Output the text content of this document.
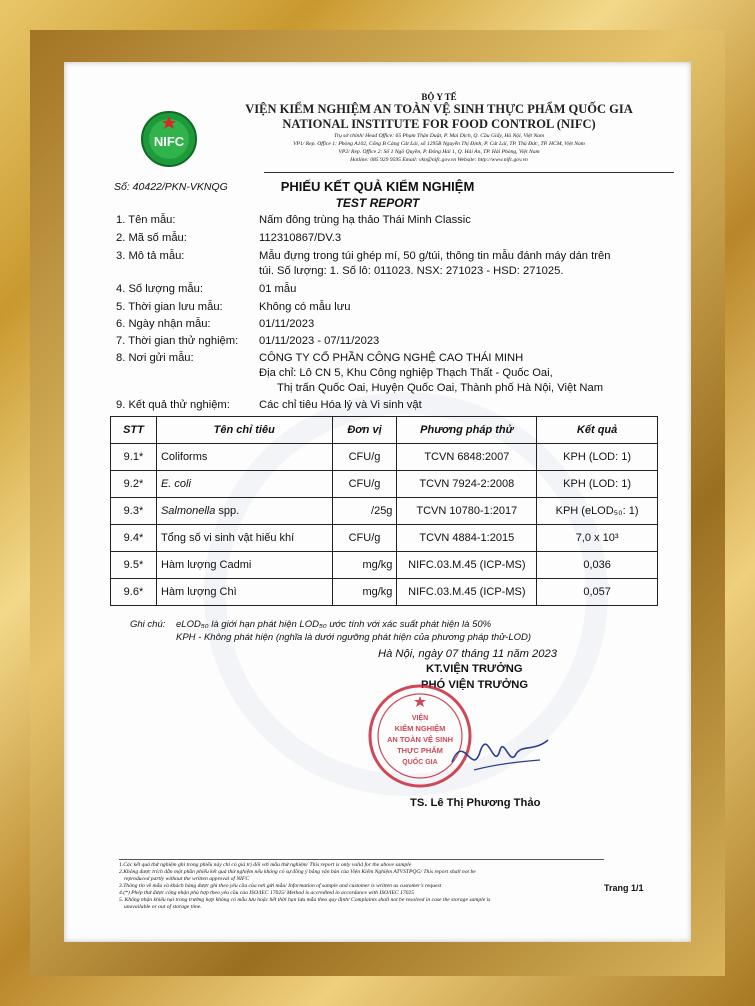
NIFC
BỘ Y TẾ
VIỆN KIỂM NGHIỆM AN TOÀN VỆ SINH THỰC PHẨM QUỐC GIA
NATIONAL INSTITUTE FOR FOOD CONTROL (NIFC)
Trụ sở chính/ Head Office: 65 Phạm Thận Duật, P. Mai Dịch, Q. Cầu Giấy, Hà Nội, Việt Nam
VP1/ Rep. Office 1: Phòng A102, Cổng B Cảng Cát Lái, số 1295B Nguyễn Thị Định, P. Cát Lái, TP. Thủ Đức, TP. HCM, Việt Nam
VP2/ Rep. Office 2: Số 1 Ngô Quyền, P. Đông Hải 1, Q. Hải An, TP. Hải Phòng, Việt Nam
Hotline: 085 929 9595 Email: vkn@nifc.gov.vn Website: http://www.nifc.gov.vn
Số: 40422/PKN-VKNQG	PHIẾU KẾT QUẢ KIỂM NGHIỆM
TEST REPORT
1. Tên mẫu:	Nấm đông trùng hạ thảo Thái Minh Classic
2. Mã số mẫu:	112310867/DV.3
3. Mô tả mẫu:	Mẫu đựng trong túi ghép mí, 50 g/túi, thông tin mẫu đánh máy dán trên
túi. Số lượng: 1. Số lô: 011023. NSX: 271023 - HSD: 271025.
4. Số lượng mẫu:	01 mẫu
5. Thời gian lưu mẫu:	Không có mẫu lưu
6. Ngày nhận mẫu:	01/11/2023
7. Thời gian thử nghiệm: 01/11/2023 - 07/11/2023
8. Nơi gửi mẫu:	CÔNG TY CỔ PHẦN CÔNG NGHỆ CAO THÁI MINH
Địa chỉ: Lô CN 5, Khu Công nghiệp Thạch Thất - Quốc Oai,
Thị trấn Quốc Oai, Huyện Quốc Oai, Thành phố Hà Nội, Việt Nam
9. Kết quả thử nghiệm:	Các chỉ tiêu Hóa lý và Vi sinh vật
STT	Tên chỉ tiêu	Đơn vị	Phương pháp thử	Kết quả
9.1*	Coliforms	CFU/g	TCVN 6848:2007	KPH (LOD: 1)
9.2*	E. coli	CFU/g	TCVN 7924-2:2008	KPH (LOD: 1)
9.3*	Salmonella spp.	/25g	TCVN 10780-1:2017	KPH (eLOD₅₀: 1)
9.4*	Tổng số vi sinh vật hiếu khí	CFU/g	TCVN 4884-1:2015	7,0 x 10³
9.5*	Hàm lượng Cadmi	mg/kg	NIFC.03.M.45 (ICP-MS)	0,036
9.6*	Hàm lượng Chì	mg/kg	NIFC.03.M.45 (ICP-MS)	0,057
Ghi chú: eLOD₅₀ là giới hạn phát hiện LOD₅₀ ước tính với xác suất phát hiện là 50%
KPH - Không phát hiện (nghĩa là dưới ngưỡng phát hiện của phương pháp thử-LOD)
Hà Nội, ngày 07 tháng 11 năm 2023
KT.VIỆN TRƯỞNG
PHÓ VIỆN TRƯỞNG
VIỆN
KIỂM NGHIỆM
AN TOÀN VỆ SINH
THỰC PHẨM
QUỐC GIA
TS. Lê Thị Phương Thảo
1.Các kết quả thử nghiệm ghi trong phiếu này chỉ có giá trị đối với mẫu thử nghiệm/ This report is only valid for the above sample
2.Không được trích dẫn một phần phiếu kết quả thử nghiệm nếu không có sự đồng ý bằng văn bản của Viện Kiểm Nghiệm ATVSTPQG/ This report shall not be
reproduced partly without the written approval of NIFC
3.Thông tin về mẫu và khách hàng được ghi theo yêu cầu của nơi gửi mẫu/ Information of sample and customer is written as customer's request
4.(*) Phép thử được công nhận phù hợp theo yêu cầu của ISO/IEC 17025/ Method is accredited in accordance with ISO/IEC 17025
5. Không nhận khiếu nại trong trường hợp không có mẫu lưu hoặc hết thời hạn lưu mẫu theo quy định/ Complaints shall not be resolved in case the storage sample is
unavailable or out of storage time.
Trang 1/1
